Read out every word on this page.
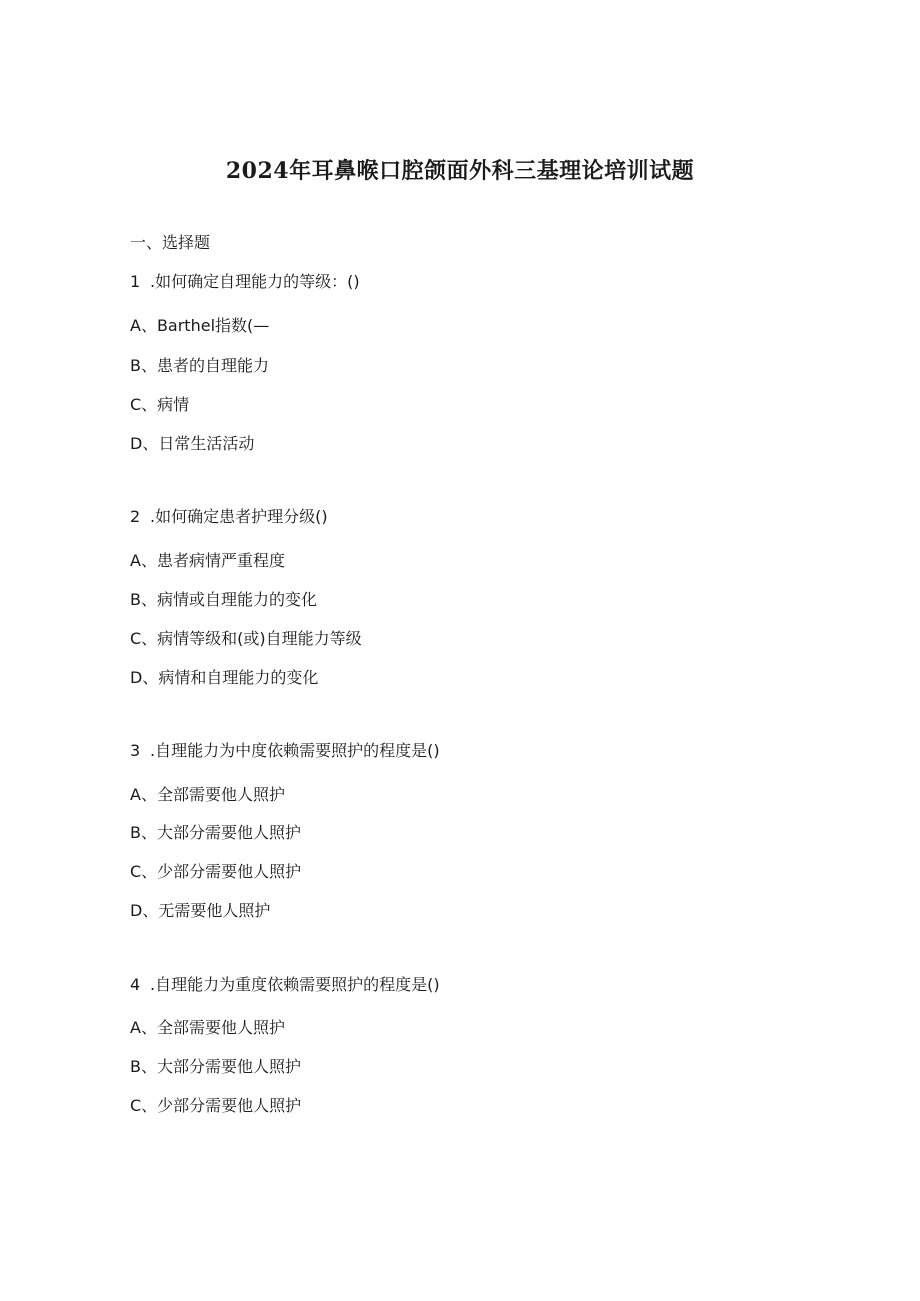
2024年耳鼻喉口腔颌面外科三基理论培训试题
一、选择题
1 .如何确定自理能力的等级：()
A、Barthel指数(—
B、患者的自理能力
C、病情
D、日常生活活动
2 .如何确定患者护理分级()
A、患者病情严重程度
B、病情或自理能力的变化
C、病情等级和(或)自理能力等级
D、病情和自理能力的变化
3 .自理能力为中度依赖需要照护的程度是()
A、全部需要他人照护
B、大部分需要他人照护
C、少部分需要他人照护
D、无需要他人照护
4 .自理能力为重度依赖需要照护的程度是()
A、全部需要他人照护
B、大部分需要他人照护
C、少部分需要他人照护
